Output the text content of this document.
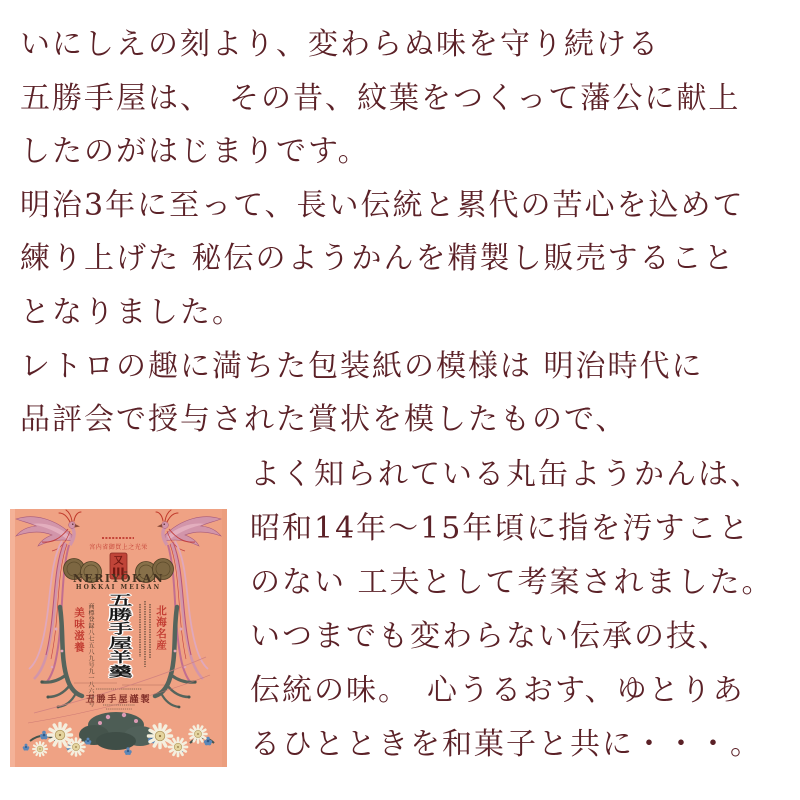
いにしえの刻より、変わらぬ味を守り続ける
五勝手屋は、　その昔、紋葉をつくって藩公に献上
したのがはじまりです。
明治3年に至って、長い伝統と累代の苦心を込めて
練り上げた 秘伝のようかんを精製し販売すること
となりました。
レトロの趣に満ちた包装紙の模様は 明治時代に
品評会で授与された賞状を模したもので、
よく知られている丸缶ようかんは、
昭和14年～15年頃に指を汚すこと
のない 工夫として考案されました。
いつまでも変わらない伝承の技、
伝統の味。　心うるおす、ゆとりあ
るひとときを和菓子と共に・・・。
又
宮内省御買上之光栄
NERIYŌKAN
HOKKAI MEISAN
五勝手屋羊羹 北海名産
美味滋養 商標登録八七五八九号九一八六四号
五勝手屋謹製
